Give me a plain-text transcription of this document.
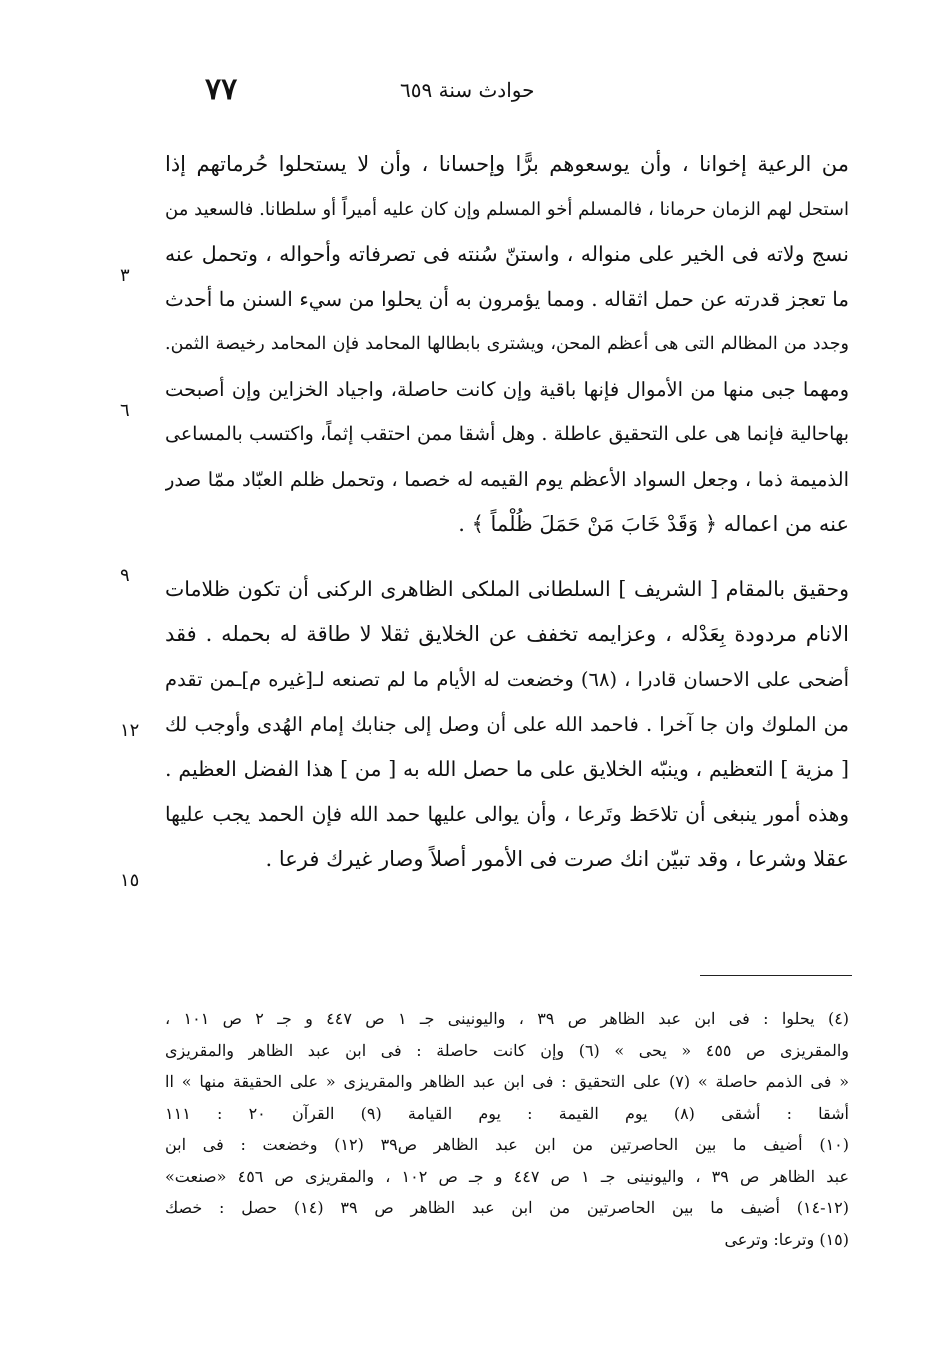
٧٧	حوادث سنة ٦٥٩
من الرعية إخوانا ، وأن يوسعوهم برًّا وإحسانا ، وأن لا يستحلوا حُرماتهم إذا
استحل لهم الزمان حرمانا ، فالمسلم أخو المسلم وإن كان عليه أميراً أو سلطانا. فالسعيد من
نسج ولاته فى الخير على منواله ، واستنّ سُنته فى تصرفاته وأحواله ، وتحمل عنه
ما تعجز قدرته عن حمل اثقاله . ومما يؤمرون به أن يحلوا من سيء السنن ما أحدث
وجدد من المظالم التى هى أعظم المحن، ويشترى بابطالها المحامد فإن المحامد رخيصة الثمن.
ومهما جبى منها من الأموال فإنها باقية وإن كانت حاصلة، واجياد الخزاين وإن أصبحت
بهاحالية فإنما هى على التحقيق عاطلة . وهل أشقا ممن احتقب إثماً، واكتسب بالمساعى
الذميمة ذما ، وجعل السواد الأعظم يوم القيمه له خصما ، وتحمل ظلم العبّاد ممّا صدر
عنه من اعماله ﴿ وَقَدْ خَابَ مَنْ حَمَلَ ظُلْماً ﴾ .
وحقيق بالمقام [ الشريف ] السلطانى الملكى الظاهرى الركنى أن تكون ظلامات
الانام مردودة بِعَدْله ، وعزايمه تخفف عن الخلايق ثقلا لا طاقة له بحمله . فقد
أضحى على الاحسان قادرا ، (٦٨) وخضعت له الأيام ما لم تصنعه لـ[غيره م]ـمن تقدم
من الملوك وان جا آخرا . فاحمد الله على أن وصل إلى جنابك إمام الهُدى وأوجب لك
[ مزية ] التعظيم ، وينبّه الخلايق على ما حصل الله به [ من ] هذا الفضل العظيم .
وهذه أمور ينبغى أن تلاحَظ وتَرعا ، وأن يوالى عليها حمد الله فإن الحمد يجب عليها
عقلا وشرعا ، وقد تبيّن انك صرت فى الأمور أصلاً وصار غيرك فرعا .
٣
٦
٩
١٢
١٥
(٤) يحلوا : فى ابن عبد الظاهر ص ٣٩ ، واليونينى جـ ١ ص ٤٤٧ و جـ ٢ ص ١٠١ ،
والمقريزى ص ٤٥٥ « يحى » (٦) وإن كانت حاصلة : فى ابن عبد الظاهر والمقريزى
« فى الذمم حاصلة » (٧) على التحقيق : فى ابن عبد الظاهر والمقريزى « على الحقيقة منها » اا
أشقا : أشقى (٨) يوم القيمة : يوم القيامة (٩) القرآن ٢٠ : ١١١
(١٠) أضيف ما بين الحاصرتين من ابن عبد الظاهر ص٣٩ (١٢) وخضعت : فى ابن
عبد الظاهر ص ٣٩ ، واليونينى جـ ١ ص ٤٤٧ و جـ ص ١٠٢ ، والمقريزى ص ٤٥٦ «صنعت»
(١٢-١٤) أضيف ما بين الحاصرتين من ابن عبد الظاهر ص ٣٩ (١٤) حصل : خصك
(١٥) وترعا: وترعى
